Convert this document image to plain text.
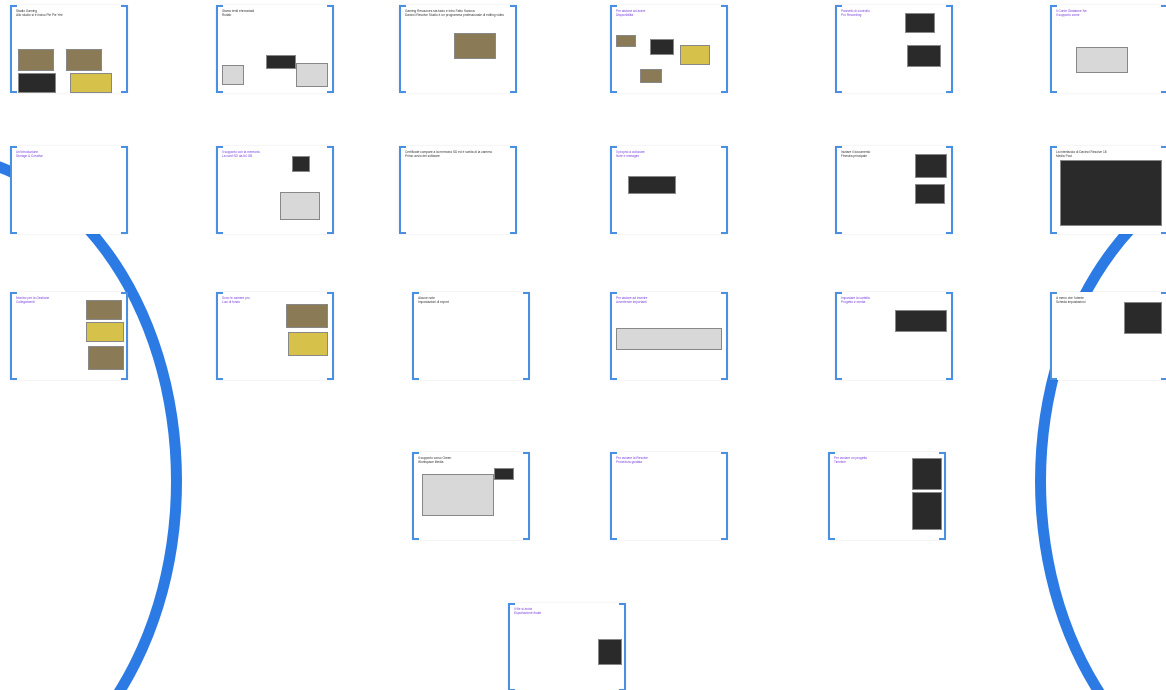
Stadio Gaming
Allo studio si è inciso Pie Pie Yee
Stamo tenti ehrmadadi
Ruitab
Gaming Resources sta facio e intro Fatto Sanova
Davinci Resolve Studio è un programma professionale di editing video
Per aiutarvi ad avere
Disponibilità
Pannello di controllo
Pro Recording
Il Conte Giatatone Ne
Il supporto come
Un'introduzione
Storage & Creative
Il supporto con la memoria
La card SD da 64 GB
Certificate compare a la memoria SD ed è scelta di la camera
Primo avvio del software
Il proprio a collocare
Note e immagini
Iniziare il documento
Finestra principale
La interfaccia di Davinci Resolve 18
Media Pool
Monitor per la Gestione
Collegamenti
Sono le camere pro
Luci di fondo
Alcune note
Impostazioni di export
Per aiutare ad inserire
Avvertenze importanti
Impostare la cartella
Progetto e media
A meno che l'utente
Scheda impostazioni
Il supporto corso Green
Workspace Media
Per avviare la Resolve
Procedura guidata
Per avviare un progetto
Timeline
Il file si avvia
Esportazione finale
